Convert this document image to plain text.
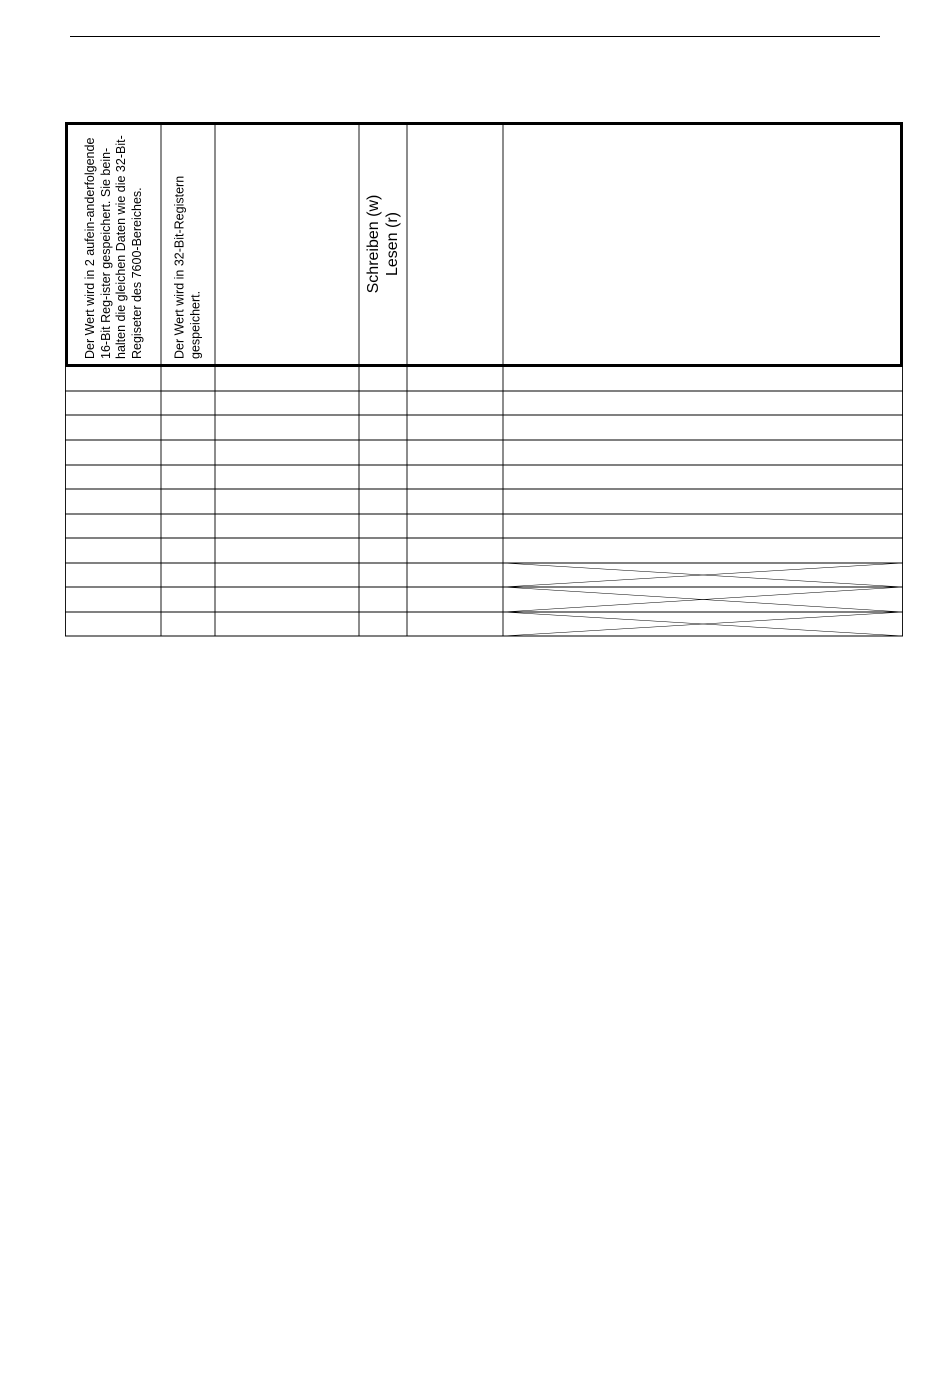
Der Wert wird in 2 aufein-anderfolgende 16-Bit Reg-ister gespeichert. Sie bein-halten die gleichen Daten wie die 32-Bit-Regiseter des 7600-Bereiches. Der Wert wird in 32-Bit-Registern gespeichert.
Schreiben (w) Lesen (r)
